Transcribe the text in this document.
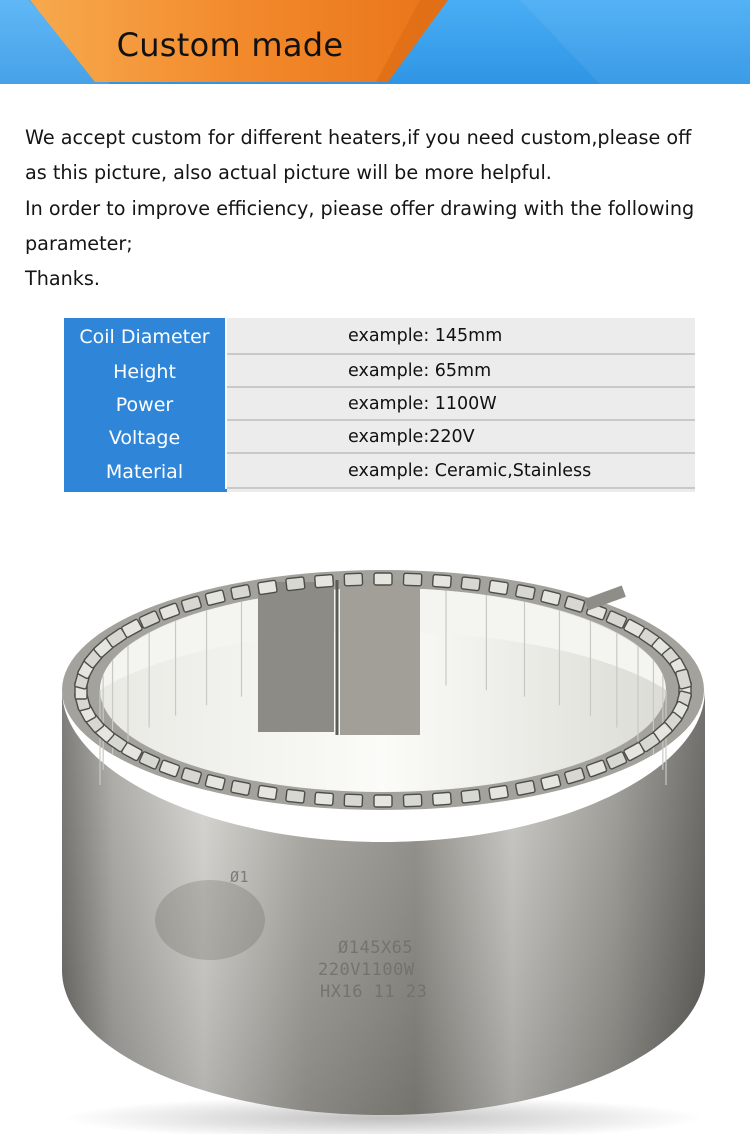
Custom made

We accept custom for different heaters,if you need custom,please off

as this picture, also actual picture will be more helpful.

In order to improve efficiency, piease offer drawing with the following

parameter;

Thanks.

Coil Diameter	example: 145mm
Height	example: 65mm
Power	example: 1100W
Voltage	example:220V
Material	example: Ceramic,Stainless
Ø1
Ø145X65
220V1100W
HX16 11 23
